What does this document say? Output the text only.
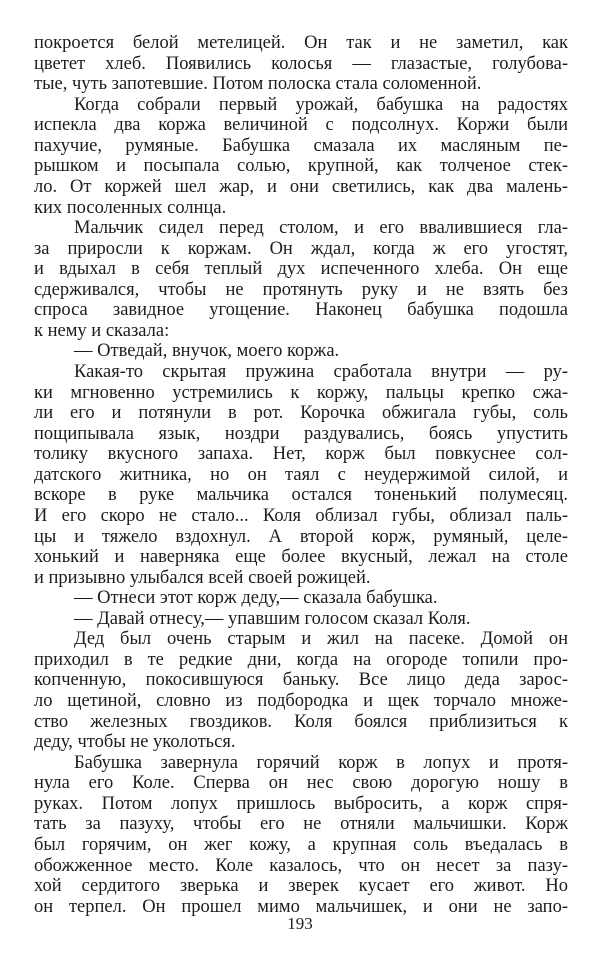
покроется белой метелицей. Он так и не заметил, как
цветет хлеб. Появились колосья — глазастые, голубова-
тые, чуть запотевшие. Потом полоска стала соломенной.
Когда собрали первый урожай, бабушка на радостях
испекла два коржа величиной с подсолнух. Коржи были
пахучие, румяные. Бабушка смазала их масляным пе-
рышком и посыпала солью, крупной, как толченое стек-
ло. От коржей шел жар, и они светились, как два малень-
ких посоленных солнца.
Мальчик сидел перед столом, и его ввалившиеся гла-
за приросли к коржам. Он ждал, когда ж его угостят,
и вдыхал в себя теплый дух испеченного хлеба. Он еще
сдерживался, чтобы не протянуть руку и не взять без
спроса завидное угощение. Наконец бабушка подошла
к нему и сказала:
— Отведай, внучок, моего коржа.
Какая-то скрытая пружина сработала внутри — ру-
ки мгновенно устремились к коржу, пальцы крепко сжа-
ли его и потянули в рот. Корочка обжигала губы, соль
пощипывала язык, ноздри раздувались, боясь упустить
толику вкусного запаха. Нет, корж был повкуснее сол-
датского житника, но он таял с неудержимой силой, и
вскоре в руке мальчика остался тоненький полумесяц.
И его скоро не стало... Коля облизал губы, облизал паль-
цы и тяжело вздохнул. А второй корж, румяный, целе-
хонький и наверняка еще более вкусный, лежал на столе
и призывно улыбался всей своей рожицей.
— Отнеси этот корж деду,— сказала бабушка.
— Давай отнесу,— упавшим голосом сказал Коля.
Дед был очень старым и жил на пасеке. Домой он
приходил в те редкие дни, когда на огороде топили про-
копченную, покосившуюся баньку. Все лицо деда зарос-
ло щетиной, словно из подбородка и щек торчало множе-
ство железных гвоздиков. Коля боялся приблизиться к
деду, чтобы не уколоться.
Бабушка завернула горячий корж в лопух и протя-
нула его Коле. Сперва он нес свою дорогую ношу в
руках. Потом лопух пришлось выбросить, а корж спря-
тать за пазуху, чтобы его не отняли мальчишки. Корж
был горячим, он жег кожу, а крупная соль въедалась в
обожженное место. Коле казалось, что он несет за пазу-
хой сердитого зверька и зверек кусает его живот. Но
он терпел. Он прошел мимо мальчишек, и они не запо-
193
